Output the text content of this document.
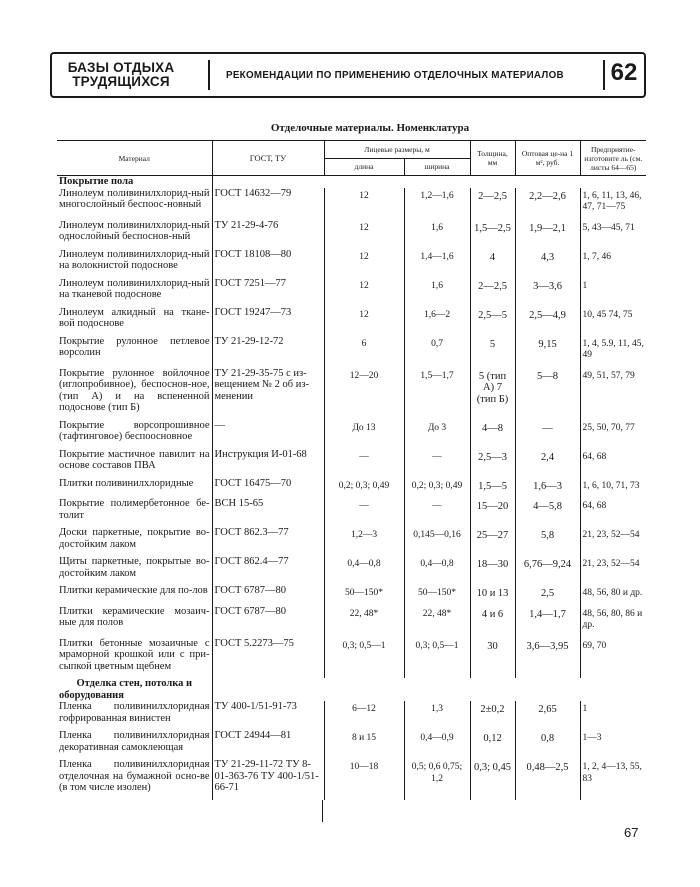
БАЗЫ ОТДЫХА
ТРУДЯЩИХСЯ	РЕКОМЕНДАЦИИ ПО ПРИМЕНЕНИЮ ОТДЕЛОЧНЫХ МАТЕРИАЛОВ	62
Отделочные материалы. Номенклатура
Материал	ГОСТ, ТУ	Лицевые размеры, м		Толщина, мм	Оптовая це-на 1 м², руб.	Предприятие-изготовите ль (см. листы 64—65)
		длина	ширина			
Покрытие пола						
Линолеум поливинилхлорид-ный многослойный беспоос-новный	ГОСТ 14632—79	12	1,2—1,6	2—2,5	2,2—2,6	1, 6, 11, 13, 46, 47, 71—75
Линолеум поливинилхлорид-ный однослойный беспоснов-ный	ТУ 21-29-4-76	12	1,6	1,5—2,5	1,9—2,1	5, 43—45, 71
Линолеум поливинилхлорид-ный на волокнистой подоснове	ГОСТ 18108—80	12	1,4—1,6	4	4,3	1, 7, 46
Линолеум поливинилхлорид-ный на тканевой подоснове	ГОСТ 7251—77	12	1,6	2—2,5	3—3,6	1
Линолеум алкидный на ткане-вой подоснове	ГОСТ 19247—73	12	1,6—2	2,5—5	2,5—4,9	10, 45 74, 75
Покрытие рулонное петлевое ворсолин	ТУ 21-29-12-72	6	0,7	5	9,15	1, 4, 5.9, 11, 45, 49
Покрытие рулонное войлочное (иглопробивное), беспоснов-ное, (тип А) и на вспененной подоснове (тип Б)	ТУ 21-29-35-75 с из-вещением № 2 об из-менении	12—20	1,5—1,7	5 (тип А) 7 (тип Б)	5—8	49, 51, 57, 79
Покрытие ворсопрошивное (тафтинговое) беспоосновное	—	До 13	До 3	4—8	—	25, 50, 70, 77
Покрытие мастичное павилит на основе составов ПВА	Инструкция И-01-68	—	—	2,5—3	2,4	64, 68
Плитки поливинилхлоридные	ГОСТ 16475—70	0,2; 0,3; 0,49	0,2; 0,3; 0,49	1,5—5	1,6—3	1, 6, 10, 71, 73
Покрытие полимербетонное бе-толит	ВСН 15-65	—	—	15—20	4—5,8	64, 68
Доски паркетные, покрытие во-достойким лаком	ГОСТ 862.3—77	1,2—3	0,145—0,16	25—27	5,8	21, 23, 52—54
Щиты паркетные, покрытые во-достойким лаком	ГОСТ 862.4—77	0,4—0,8	0,4—0,8	18—30	6,76—9,24	21, 23, 52—54
Плитки керамические для по-лов	ГОСТ 6787—80	50—150*	50—150*	10 и 13	2,5	48, 56, 80 и др.
Плитки керамические мозаич-ные для полов	ГОСТ 6787—80	22, 48*	22, 48*	4 и 6	1,4—1,7	48, 56, 80, 86 и др.
Плитки бетонные мозаичные с мраморной крошкой или с при-сыпкой цветным щебнем	ГОСТ 5.2273—75	0,3; 0,5—1	0,3; 0,5—1	30	3,6—3,95	69, 70
Отделка стен, потолка и оборудования						
Пленка поливинилхлоридная гофрированная винистен	ТУ 400-1/51-91-73	6—12	1,3	2±0,2	2,65	1
Пленка поливинилхлоридная декоративная самоклеющая	ГОСТ 24944—81	8 и 15	0,4—0,9	0,12	0,8	1—3
Пленка поливинилхлоридная отделочная на бумажной осно-ве (в том числе изолен)	ТУ 21-29-11-72 ТУ 8-01-363-76 ТУ 400-1/51-66-71	10—18	0,5; 0,6 0,75; 1,2	0,3; 0,45	0,48—2,5	1, 2, 4—13, 55, 83
67
